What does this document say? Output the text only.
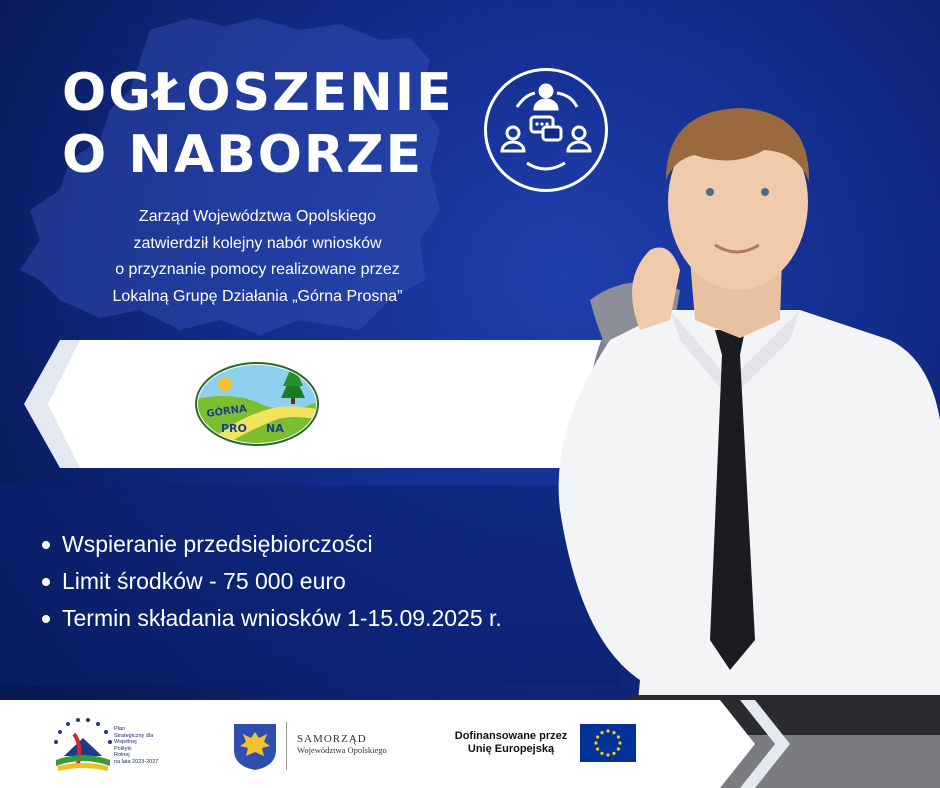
OGŁOSZENIE
O NABORZE
Zarząd Województwa Opolskiego
zatwierdził kolejny nabór wniosków
o przyznanie pomocy realizowane przez
Lokalną Grupę Działania „Górna Prosna”
GÓRNA
PRO NA
Wspieranie przedsiębiorczości
Limit środków - 75 000 euro
Termin składania wniosków 1-15.09.2025 r.
Plan
Strategiczny dla
Wspólnej
Polityki
Rolnej
na lata 2023-2027
SAMORZĄD
Województwa Opolskiego
Dofinansowane przez
Unię Europejską
